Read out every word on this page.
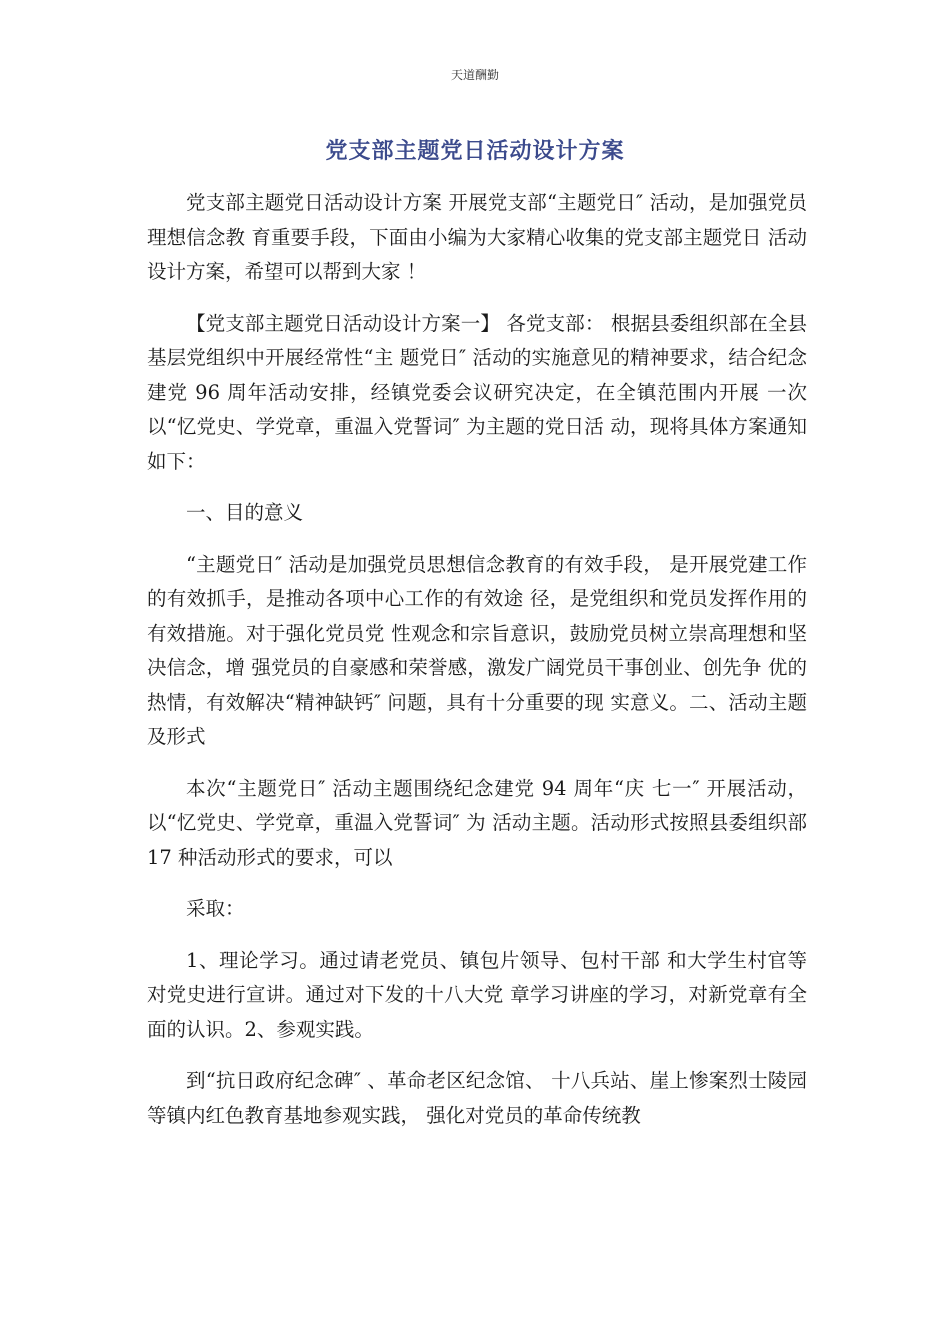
天道酬勤
党支部主题党日活动设计方案

党支部主题党日活动设计方案 开展党支部“主题党日″ 活动，是加强党员理想信念教 育重要手段，下面由小编为大家精心收集的党支部主题党日 活动设计方案，希望可以帮到大家 ！

【党支部主题党日活动设计方案一】 各党支部： 根据县委组织部在全县基层党组织中开展经常性“主 题党日″ 活动的实施意见的精神要求，结合纪念建党 96 周年活动安排，经镇党委会议研究决定，在全镇范围内开展 一次以“忆党史、学党章，重温入党誓词″ 为主题的党日活 动，现将具体方案通知如下：

一、目的意义

“主题党日″ 活动是加强党员思想信念教育的有效手段， 是开展党建工作的有效抓手，是推动各项中心工作的有效途 径，是党组织和党员发挥作用的有效措施。对于强化党员党 性观念和宗旨意识，鼓励党员树立崇高理想和坚决信念，增 强党员的自豪感和荣誉感，激发广阔党员干事创业、创先争 优的热情，有效解决“精神缺钙″ 问题，具有十分重要的现 实意义。二、活动主题及形式

本次“主题党日″ 活动主题围绕纪念建党 94 周年“庆 七一″ 开展活动，以“忆党史、学党章，重温入党誓词″ 为 活动主题。活动形式按照县委组织部 17 种活动形式的要求，可以

采取：

1、理论学习。通过请老党员、镇包片领导、包村干部 和大学生村官等对党史进行宣讲。通过对下发的十八大党 章学习讲座的学习，对新党章有全面的认识。2、参观实践。

到“抗日政府纪念碑″ 、革命老区纪念馆、 十八兵站、崖上惨案烈士陵园等镇内红色教育基地参观实践， 强化对党员的革命传统教
